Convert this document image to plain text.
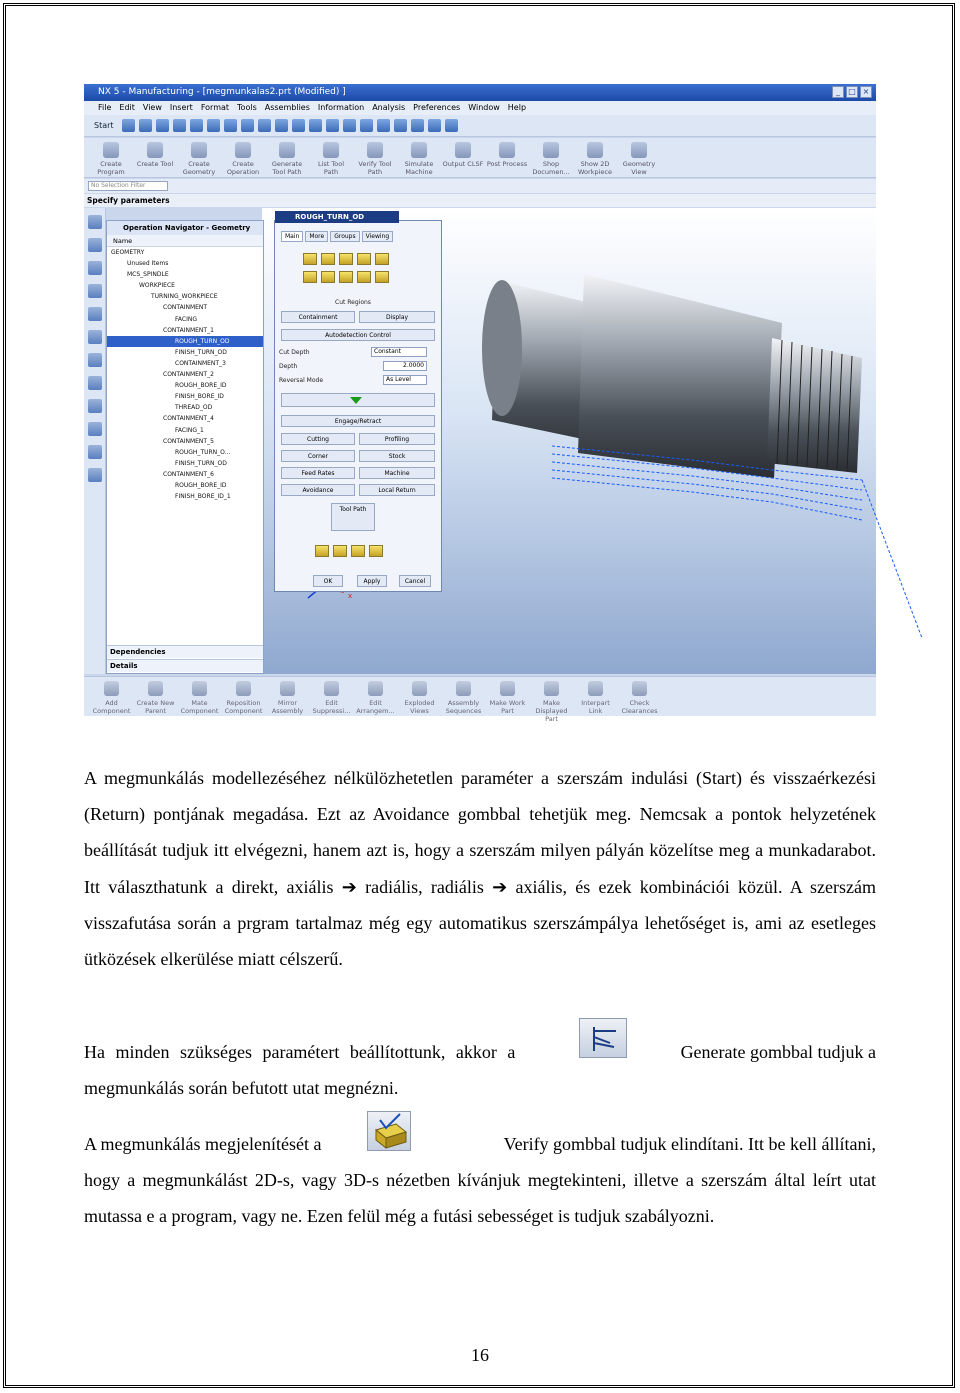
NX 5 - Manufacturing - [megmunkalas2.prt (Modified) ]	_	□ ×
File Edit View Insert Format Tools Assemblies Information Analysis Preferences Window Help
Start
Create Program
Create Tool	Create Geometry
Create Operation
Generate Tool Path
List Tool Path
Verify Tool Path
Simulate Machine
Output CLSF Post Process	Shop Documen...
Show 2D Workpiece
Geometry View
No Selection Filter
Specify parameters
x
Operation Navigator - Geometry
Name
GEOMETRY
Unused Items
MCS_SPINDLE
WORKPIECE
TURNING_WORKPIECE
CONTAINMENT
FACING
CONTAINMENT_1
ROUGH_TURN_OD
FINISH_TURN_OD
CONTAINMENT_3
CONTAINMENT_2
ROUGH_BORE_ID
FINISH_BORE_ID
THREAD_OD
CONTAINMENT_4
FACING_1
CONTAINMENT_5
ROUGH_TURN_O...
FINISH_TURN_OD
CONTAINMENT_6
ROUGH_BORE_ID
FINISH_BORE_ID_1
Dependencies
Details
ROUGH_TURN_OD
Main	More	Groups	Viewing
Cut Regions
Containment	Display
Autodetection Control
Cut Depth	Constant
Depth	2.0000
Reversal Mode	As Level
Engage/Retract
Cutting	Profiling
Corner	Stock
Feed Rates	Machine
Avoidance	Local Return
Tool Path
OK	Apply	Cancel
Add Component
Create New Parent
Mate Component
Reposition Component
Mirror Assembly
Edit Suppressi...
Edit Arrangem...
Exploded Views
Assembly Sequences
Make Work Part
Make Displayed Part
Interpart Link
Check Clearances

A megmunkálás modellezéséhez nélkülözhetetlen paraméter a szerszám indulási (Start) és visszaérkezési (Return) pontjának megadása. Ezt az Avoidance gombbal tehetjük meg. Nemcsak a pontok helyzetének beállítását tudjuk itt elvégezni, hanem azt is, hogy a szerszám milyen pályán közelítse meg a munkadarabot. Itt választhatunk a direkt, axiális ➔ radiális, radiális ➔ axiális, és ezek kombinációi közül. A szerszám visszafutása során a prgram tartalmaz még egy automatikus szerszámpálya lehetőséget is, ami az esetleges ütközések elkerülése miatt célszerű.

Ha minden szükséges paramétert beállítottunk, akkor a	Generate gombbal tudjuk a

megmunkálás során befutott utat megnézni.

A megmunkálás megjelenítését a	Verify gombbal tudjuk elindítani. Itt be kell állítani,

hogy a megmunkálást 2D-s, vagy 3D-s nézetben kívánjuk megtekinteni, illetve a szerszám által leírt utat mutassa e a program, vagy ne. Ezen felül még a futási sebességet is tudjuk szabályozni.

16
